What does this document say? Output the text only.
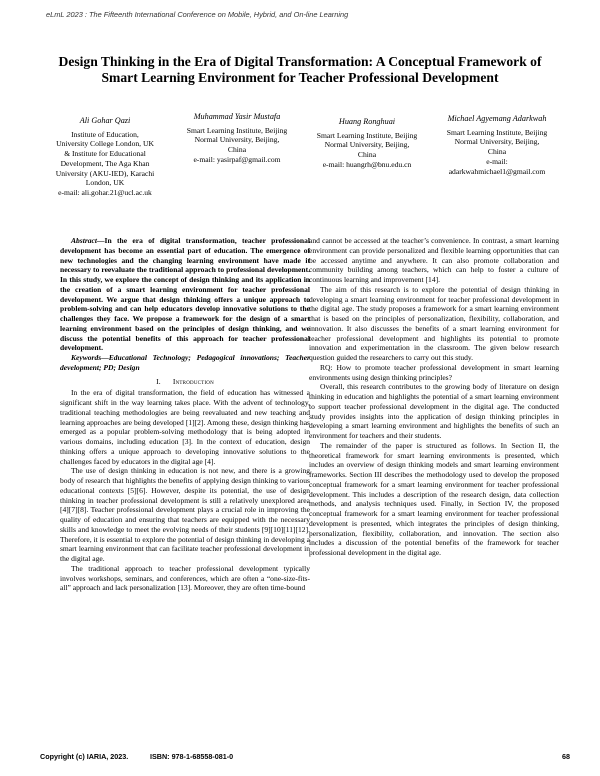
eLmL 2023 : The Fifteenth International Conference on Mobile, Hybrid, and On-line Learning
Design Thinking in the Era of Digital Transformation: A Conceptual Framework of
Smart Learning Environment for Teacher Professional Development
Ali Gohar Qazi
Institute of Education,
University College London, UK
& Institute for Educational
Development, The Aga Khan
University (AKU-IED), Karachi
London, UK
e-mail: ali.gohar.21@ucl.ac.uk
Muhammad Yasir Mustafa
Smart Learning Institute, Beijing
Normal University, Beijing,
China
e-mail: yasirpaf@gmail.com
Huang Ronghuai
Smart Learning Institute, Beijing
Normal University, Beijing,
China
e-mail: huangrh@bnu.edu.cn
Michael Agyemang Adarkwah
Smart Learning Institute, Beijing
Normal University, Beijing,
China
e-mail:
adarkwahmichael1@gmail.com

Abstract—In the era of digital transformation, teacher professional development has become an essential part of education. The emergence of new technologies and the changing learning environment have made it necessary to reevaluate the traditional approach to professional development. In this study, we explore the concept of design thinking and its application in the creation of a smart learning environment for teacher professional development. We argue that design thinking offers a unique approach to problem-solving and can help educators develop innovative solutions to the challenges they face. We propose a framework for the design of a smart learning environment based on the principles of design thinking, and we discuss the potential benefits of this approach for teacher professional development.

Keywords—Educational Technology; Pedagogical innovations; Teacher development; PD; Design

I. Introduction

In the era of digital transformation, the field of education has witnessed a significant shift in the way learning takes place. With the advent of technology, traditional teaching methodologies are being reevaluated and new teaching and learning approaches are being developed [1][2]. Among these, design thinking has emerged as a popular problem-solving methodology that is being adopted in various domains, including education [3]. In the context of education, design thinking offers a unique approach to developing innovative solutions to the challenges faced by educators in the digital age [4].

The use of design thinking in education is not new, and there is a growing body of research that highlights the benefits of applying design thinking to various educational contexts [5][6]. However, despite its potential, the use of design thinking in teacher professional development is still a relatively unexplored area [4][7][8]. Teacher professional development plays a crucial role in improving the quality of education and ensuring that teachers are equipped with the necessary skills and knowledge to meet the evolving needs of their students [9][10][11][12]. Therefore, it is essential to explore the potential of design thinking in developing a smart learning environment that can facilitate teacher professional development in the digital age.

The traditional approach to teacher professional development typically involves workshops, seminars, and conferences, which are often a “one-size-fits-all” approach and lack personalization [13]. Moreover, they are often time-bound

and cannot be accessed at the teacher’s convenience. In contrast, a smart learning environment can provide personalized and flexible learning opportunities that can be accessed anytime and anywhere. It can also promote collaboration and community building among teachers, which can help to foster a culture of continuous learning and improvement [14].

The aim of this research is to explore the potential of design thinking in developing a smart learning environment for teacher professional development in the digital age. The study proposes a framework for a smart learning environment that is based on the principles of personalization, flexibility, collaboration, and innovation. It also discusses the benefits of a smart learning environment for teacher professional development and highlights its potential to promote innovation and experimentation in the classroom. The given below research question guided the researchers to carry out this study.

RQ: How to promote teacher professional development in smart learning environments using design thinking principles?

Overall, this research contributes to the growing body of literature on design thinking in education and highlights the potential of a smart learning environment to support teacher professional development in the digital age. The conducted study provides insights into the application of design thinking principles in developing a smart learning environment and highlights the benefits of such an environment for teachers and their students.

The remainder of the paper is structured as follows. In Section II, the theoretical framework for smart learning environments is presented, which includes an overview of design thinking models and smart learning environment frameworks. Section III describes the methodology used to develop the proposed conceptual framework for a smart learning environment for teacher professional development. This includes a description of the research design, data collection methods, and analysis techniques used. Finally, in Section IV, the proposed conceptual framework for a smart learning environment for teacher professional development is presented, which integrates the principles of design thinking, personalization, flexibility, collaboration, and innovation. The section also includes a discussion of the potential benefits of the framework for teacher professional development in the digital age.

Copyright (c) IARIA, 2023.	ISBN: 978-1-68558-081-0	68
